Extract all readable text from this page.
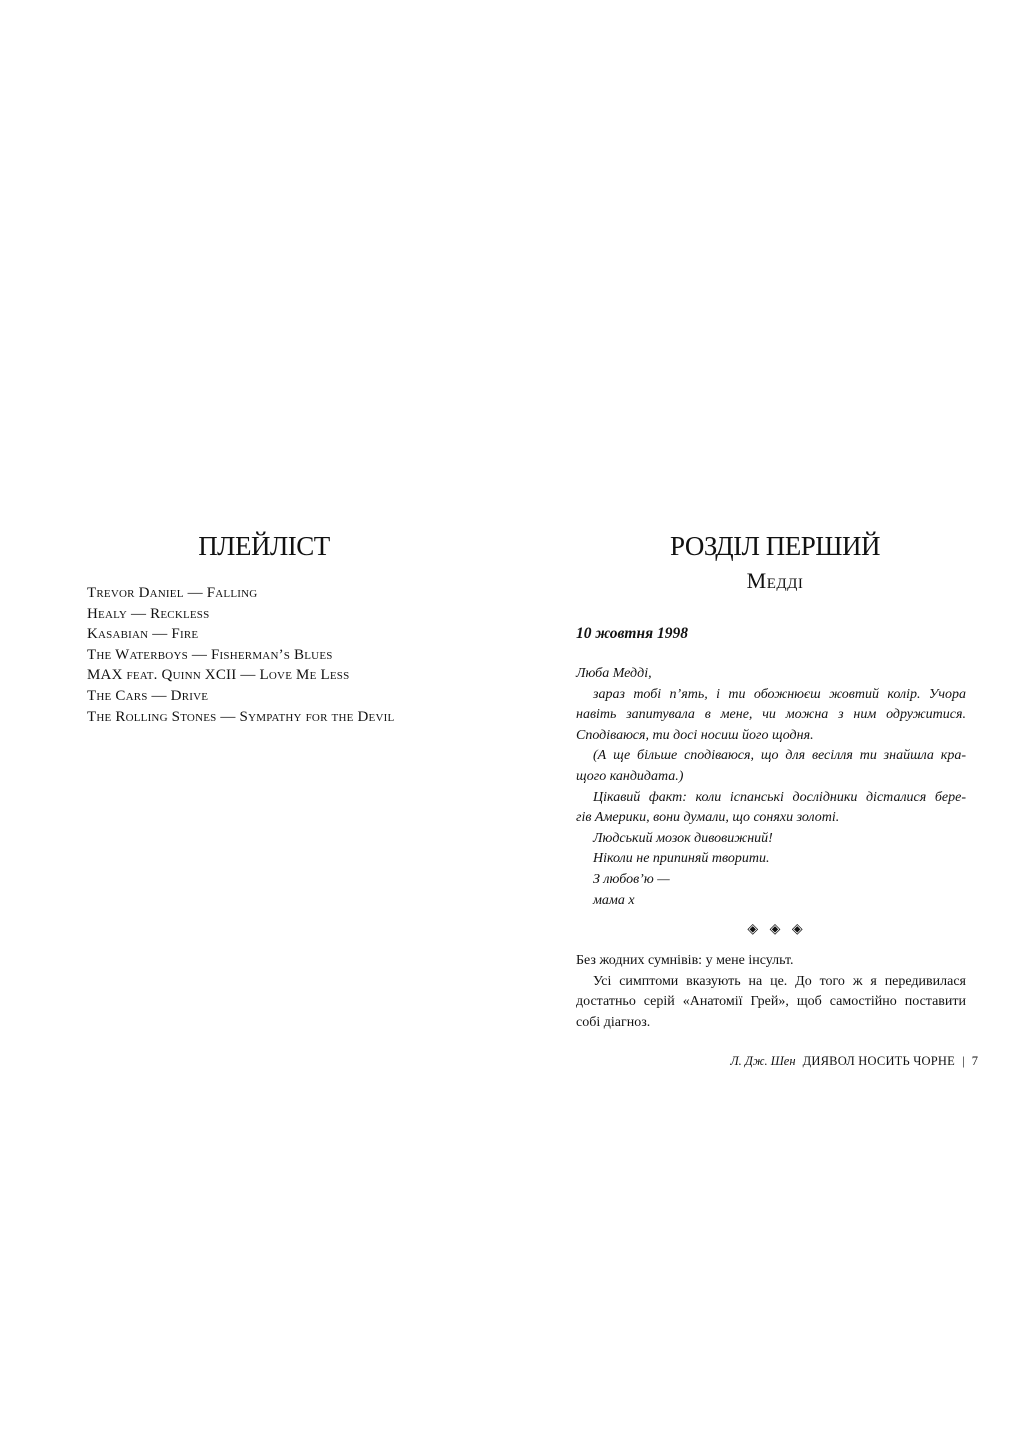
ПЛЕЙЛІСТ
Trevor Daniel — Falling
Healy — Reckless
Kasabian — Fire
The Waterboys — Fisherman’s Blues
MAX feat. Quinn XCII — Love Me Less
The Cars — Drive
The Rolling Stones — Sympathy for the Devil
РОЗДІЛ ПЕРШИЙ
Медді
10 жовтня 1998

Люба Медді,

зараз тобі п’ять, і ти обожнюєш жовтий колір. Учора

навіть запитувала в мене, чи можна з ним одружитися.

Сподіваюся, ти досі носиш його щодня.

(А ще більше сподіваюся, що для весілля ти знайшла кра-

щого кандидата.)

Цікавий факт: коли іспанські дослідники дісталися бере-

гів Америки, вони думали, що соняхи золоті.

Людський мозок дивовижний!

Ніколи не припиняй творити.

З любов’ю —

мама x

◈ ◈ ◈

Без жодних сумнівів: у мене інсульт.

Усі симптоми вказують на це. До того ж я передивилася

достатньо серій «Анатомії Грей», щоб самостійно поставити

собі діагноз.

Л. Дж. Шен ДИЯВОЛ НОСИТЬ ЧОРНЕ | 7
